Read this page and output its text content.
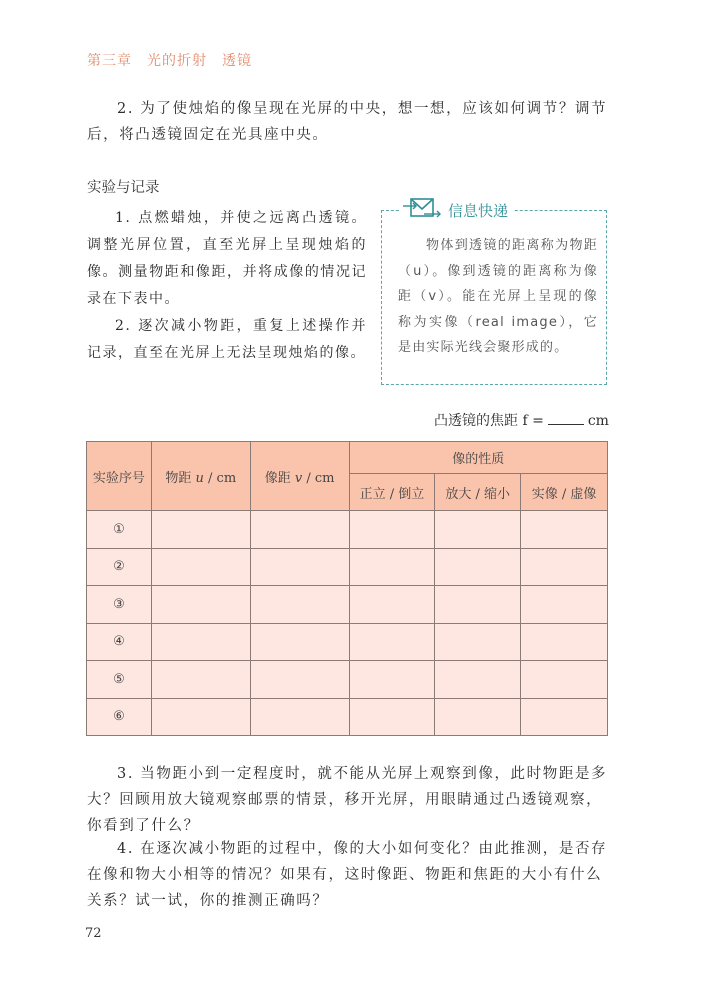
第三章　光的折射　透镜
2. 为了使烛焰的像呈现在光屏的中央，想一想，应该如何调节？调节后，将凸透镜固定在光具座中央。
实验与记录

1. 点燃蜡烛，并使之远离凸透镜。调整光屏位置，直至光屏上呈现烛焰的像。测量物距和像距，并将成像的情况记录在下表中。

2. 逐次减小物距，重复上述操作并记录，直至在光屏上无法呈现烛焰的像。

信息快递
物体到透镜的距离称为物距（u）。像到透镜的距离称为像距（v）。能在光屏上呈现的像称为实像（real image），它是由实际光线会聚形成的。
凸透镜的焦距 f =	cm
实验序号	物距 u / cm	像距 v / cm	像的性质		
			正立 / 倒立	放大 / 缩小	实像 / 虚像
①					
②					
③					
④					
⑤					
⑥					
3. 当物距小到一定程度时，就不能从光屏上观察到像，此时物距是多大？回顾用放大镜观察邮票的情景，移开光屏，用眼睛通过凸透镜观察，你看到了什么？
4. 在逐次减小物距的过程中，像的大小如何变化？由此推测，是否存在像和物大小相等的情况？如果有，这时像距、物距和焦距的大小有什么关系？试一试，你的推测正确吗？
72
